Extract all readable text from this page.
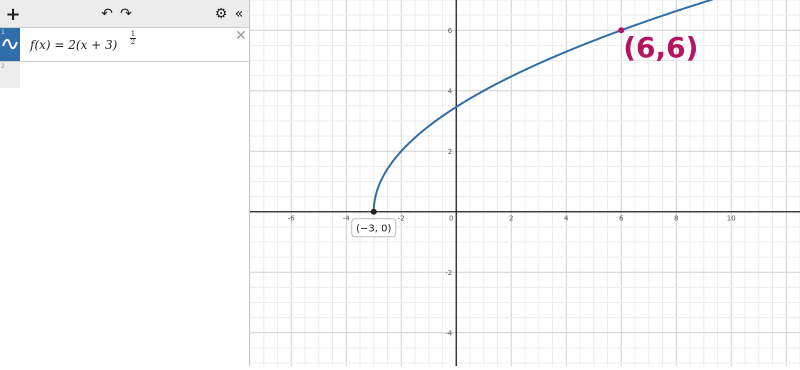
+	↶ ↷	⚙ «
1
f(x) = 2(x + 3)
1
2	✕
2
-6	-4	-2	0	2	4	6	8	10
6
4
2
-2
-4
(−3, 0)
(6,6)
